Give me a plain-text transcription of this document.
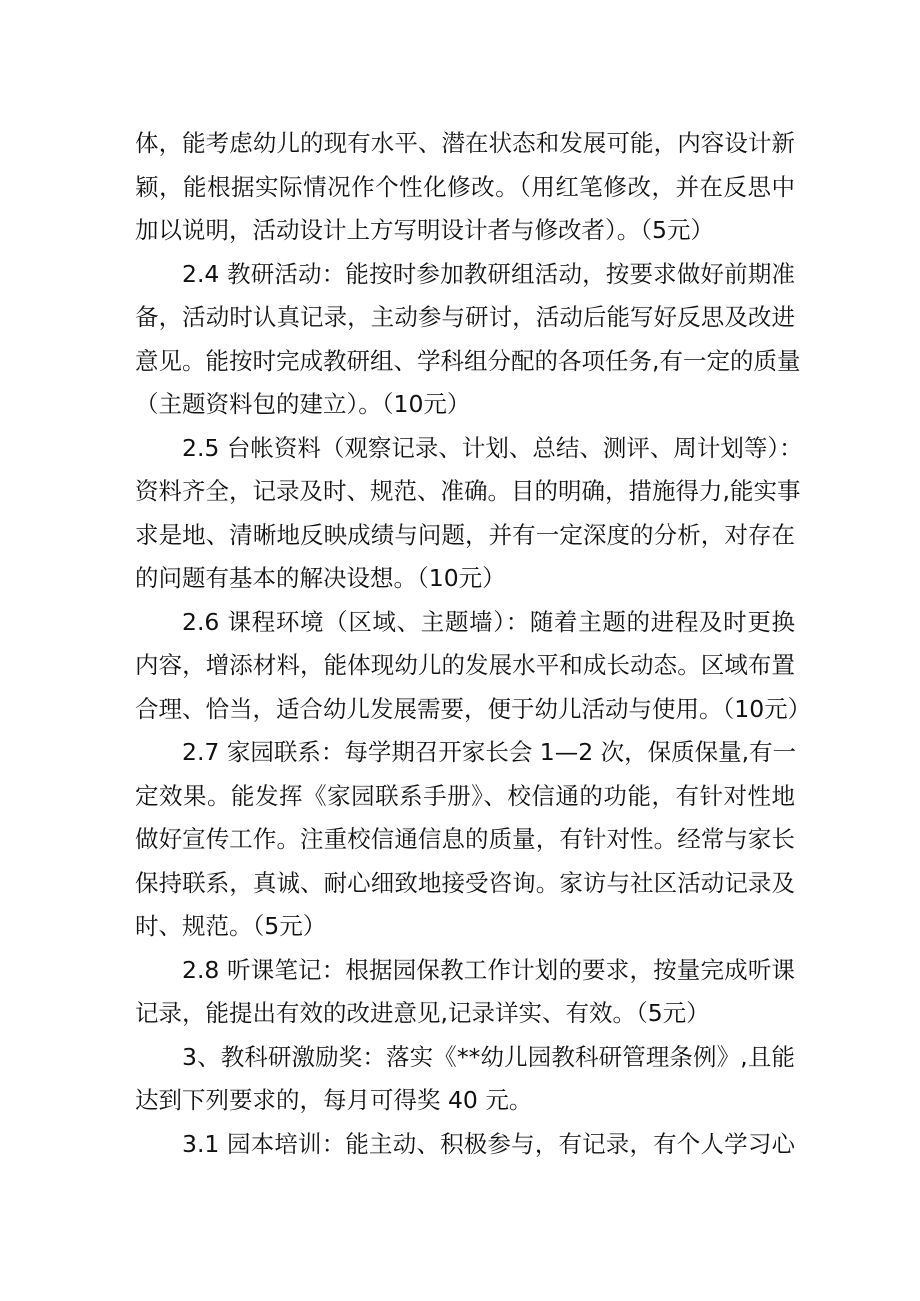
体，能考虑幼儿的现有水平、潜在状态和发展可能，内容设计新
颖，能根据实际情况作个性化修改。（用红笔修改，并在反思中
加以说明，活动设计上方写明设计者与修改者）。（5元）
2.4 教研活动：能按时参加教研组活动，按要求做好前期准
备，活动时认真记录，主动参与研讨，活动后能写好反思及改进
意见。能按时完成教研组、学科组分配的各项任务,有一定的质量
（主题资料包的建立）。（10元）
2.5 台帐资料（观察记录、计划、总结、测评、周计划等）：
资料齐全，记录及时、规范、准确。目的明确，措施得力,能实事
求是地、清晰地反映成绩与问题，并有一定深度的分析，对存在
的问题有基本的解决设想。（10元）
2.6 课程环境（区域、主题墙）：随着主题的进程及时更换
内容，增添材料，能体现幼儿的发展水平和成长动态。区域布置
合理、恰当，适合幼儿发展需要，便于幼儿活动与使用。（10元）
2.7 家园联系：每学期召开家长会 1—2 次，保质保量,有一
定效果。能发挥《家园联系手册》、校信通的功能，有针对性地
做好宣传工作。注重校信通信息的质量，有针对性。经常与家长
保持联系，真诚、耐心细致地接受咨询。家访与社区活动记录及
时、规范。（5元）
2.8 听课笔记：根据园保教工作计划的要求，按量完成听课
记录，能提出有效的改进意见,记录详实、有效。（5元）
3、教科研激励奖：落实《**幼儿园教科研管理条例》,且能
达到下列要求的，每月可得奖 40 元。
3.1 园本培训：能主动、积极参与，有记录，有个人学习心
